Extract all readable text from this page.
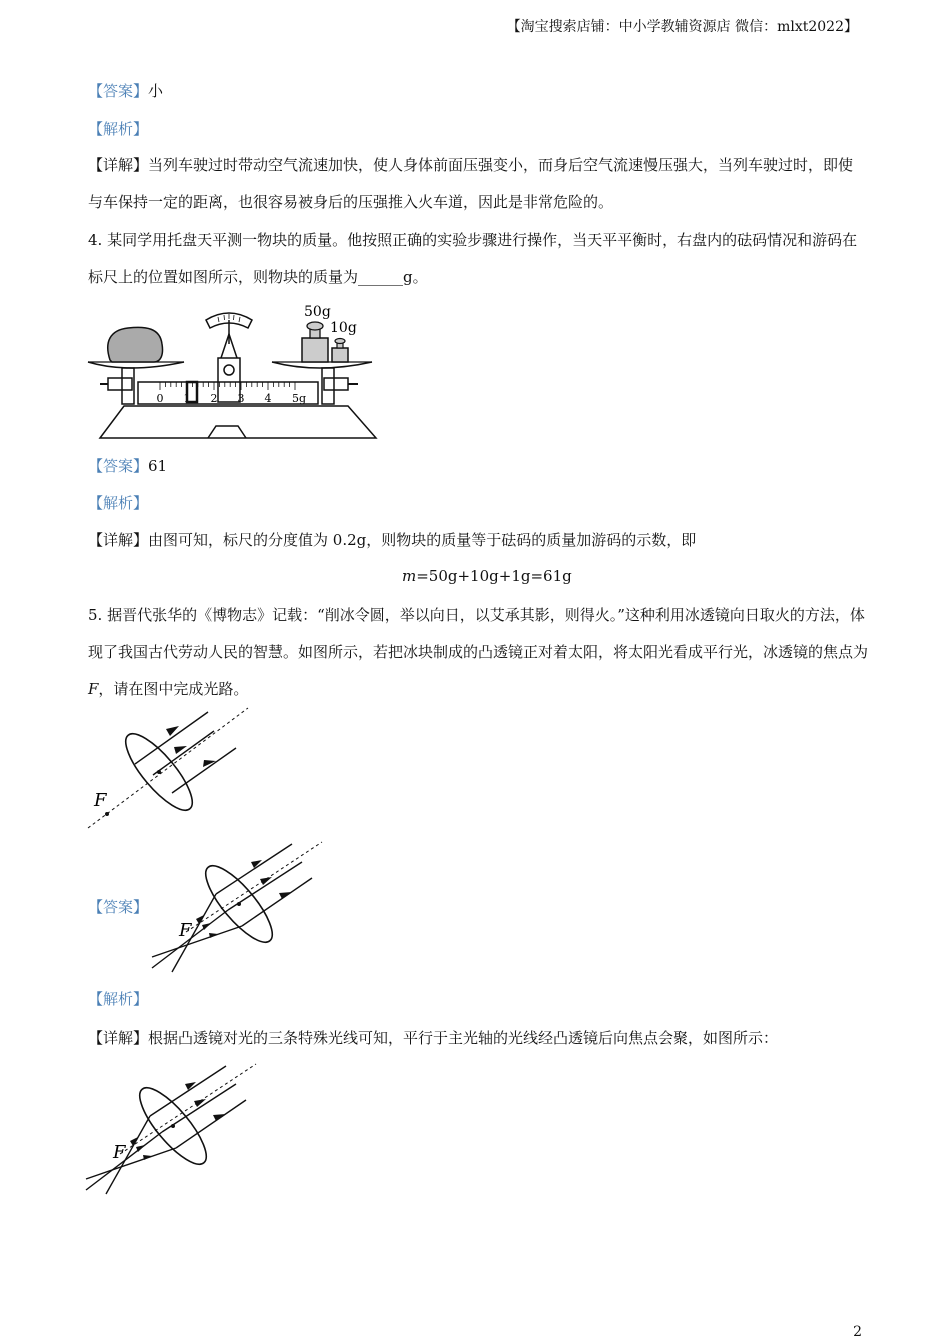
【淘宝搜索店铺：中小学教辅资源店 微信：mlxt2022】
【答案】小
【解析】
【详解】当列车驶过时带动空气流速加快，使人身体前面压强变小，而身后空气流速慢压强大，当列车驶过时，即使与车保持一定的距离，也很容易被身后的压强推入火车道，因此是非常危险的。
4. 某同学用托盘天平测一物块的质量。他按照正确的实验步骤进行操作，当天平平衡时，右盘内的砝码情况和游码在标尺上的位置如图所示，则物块的质量为______g。
0 1 2 3 4 5g
50g
10g
【答案】61
【解析】
【详解】由图可知，标尺的分度值为 0.2g，则物块的质量等于砝码的质量加游码的示数，即
m=50g+10g+1g=61g
5. 据晋代张华的《博物志》记载：“削冰令圆，举以向日，以艾承其影，则得火。”这种利用冰透镜向日取火的方法，体现了我国古代劳动人民的智慧。如图所示，若把冰块制成的凸透镜正对着太阳，将太阳光看成平行光，冰透镜的焦点为 F，请在图中完成光路。
F
【答案】
F
【解析】
【详解】根据凸透镜对光的三条特殊光线可知，平行于主光轴的光线经凸透镜后向焦点会聚，如图所示：
F
2
